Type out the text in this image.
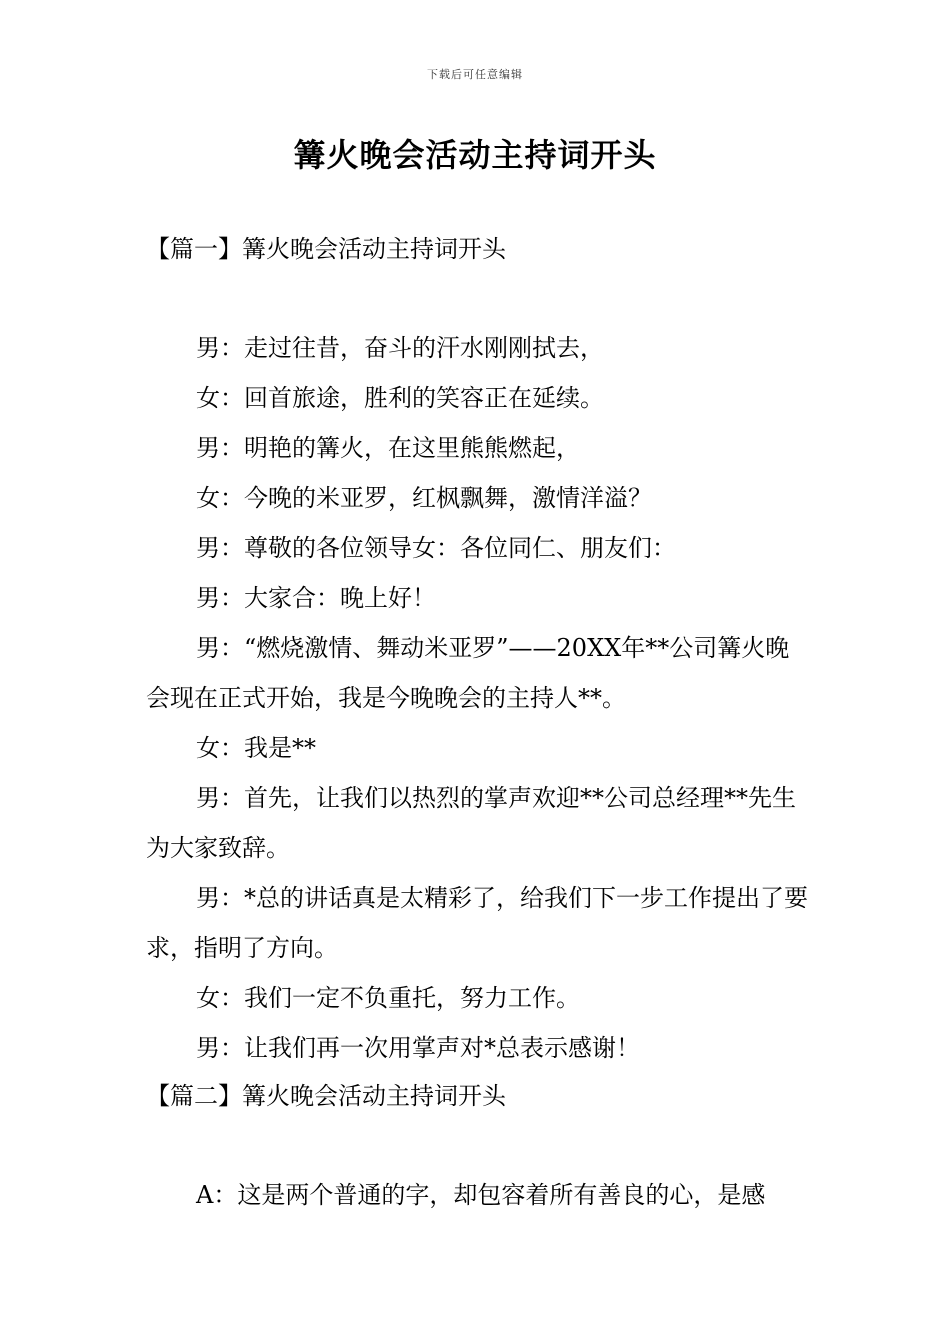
下载后可任意编辑
篝火晚会活动主持词开头
【篇一】篝火晚会活动主持词开头
男：走过往昔，奋斗的汗水刚刚拭去，
女：回首旅途，胜利的笑容正在延续。
男：明艳的篝火，在这里熊熊燃起，
女：今晚的米亚罗，红枫飘舞，激情洋溢？
男：尊敬的各位领导女：各位同仁、朋友们：
男：大家合：晚上好！
男：“燃烧激情、舞动米亚罗”——20XX年**公司篝火晚会现在正式开始，我是今晚晚会的主持人**。
女：我是**
男：首先，让我们以热烈的掌声欢迎**公司总经理**先生为大家致辞。
男：*总的讲话真是太精彩了，给我们下一步工作提出了要求，指明了方向。
女：我们一定不负重托，努力工作。
男：让我们再一次用掌声对*总表示感谢！
【篇二】篝火晚会活动主持词开头
A：这是两个普通的字，却包容着所有善良的心，是感
